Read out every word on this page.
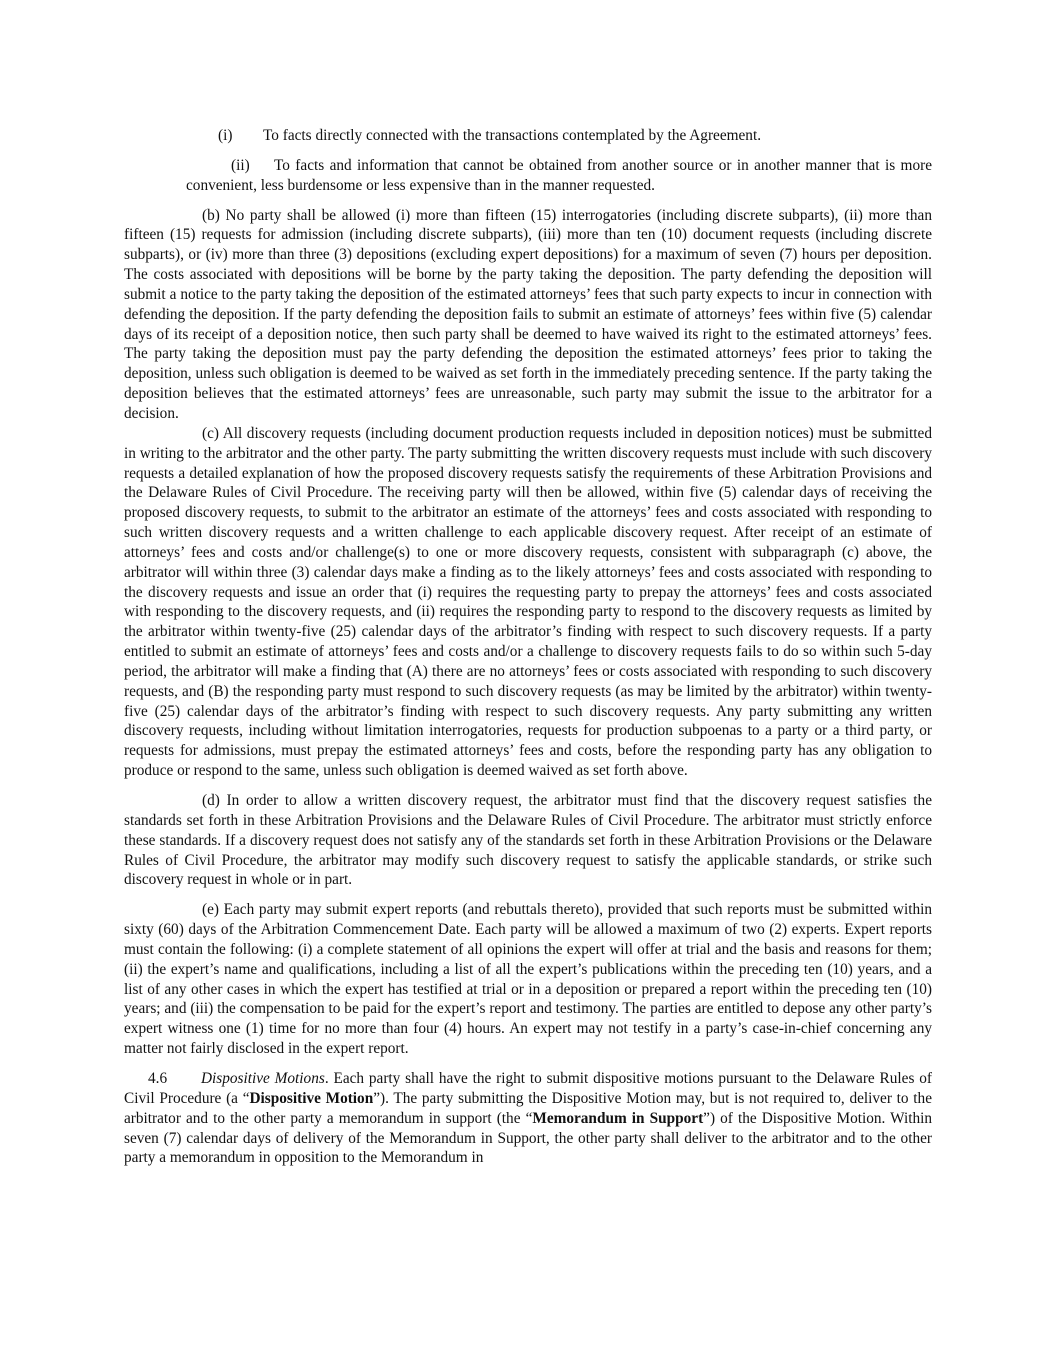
(i) To facts directly connected with the transactions contemplated by the Agreement.

(ii) To facts and information that cannot be obtained from another source or in another manner that is more convenient, less burdensome or less expensive than in the manner requested.

(b) No party shall be allowed (i) more than fifteen (15) interrogatories (including discrete subparts), (ii) more than fifteen (15) requests for admission (including discrete subparts), (iii) more than ten (10) document requests (including discrete subparts), or (iv) more than three (3) depositions (excluding expert depositions) for a maximum of seven (7) hours per deposition. The costs associated with depositions will be borne by the party taking the deposition. The party defending the deposition will submit a notice to the party taking the deposition of the estimated attorneys’ fees that such party expects to incur in connection with defending the deposition. If the party defending the deposition fails to submit an estimate of attorneys’ fees within five (5) calendar days of its receipt of a deposition notice, then such party shall be deemed to have waived its right to the estimated attorneys’ fees. The party taking the deposition must pay the party defending the deposition the estimated attorneys’ fees prior to taking the deposition, unless such obligation is deemed to be waived as set forth in the immediately preceding sentence. If the party taking the deposition believes that the estimated attorneys’ fees are unreasonable, such party may submit the issue to the arbitrator for a decision.

(c) All discovery requests (including document production requests included in deposition notices) must be submitted in writing to the arbitrator and the other party. The party submitting the written discovery requests must include with such discovery requests a detailed explanation of how the proposed discovery requests satisfy the requirements of these Arbitration Provisions and the Delaware Rules of Civil Procedure. The receiving party will then be allowed, within five (5) calendar days of receiving the proposed discovery requests, to submit to the arbitrator an estimate of the attorneys’ fees and costs associated with responding to such written discovery requests and a written challenge to each applicable discovery request. After receipt of an estimate of attorneys’ fees and costs and/or challenge(s) to one or more discovery requests, consistent with subparagraph (c) above, the arbitrator will within three (3) calendar days make a finding as to the likely attorneys’ fees and costs associated with responding to the discovery requests and issue an order that (i) requires the requesting party to prepay the attorneys’ fees and costs associated with responding to the discovery requests, and (ii) requires the responding party to respond to the discovery requests as limited by the arbitrator within twenty-five (25) calendar days of the arbitrator’s finding with respect to such discovery requests. If a party entitled to submit an estimate of attorneys’ fees and costs and/or a challenge to discovery requests fails to do so within such 5-day period, the arbitrator will make a finding that (A) there are no attorneys’ fees or costs associated with responding to such discovery requests, and (B) the responding party must respond to such discovery requests (as may be limited by the arbitrator) within twenty-five (25) calendar days of the arbitrator’s finding with respect to such discovery requests. Any party submitting any written discovery requests, including without limitation interrogatories, requests for production subpoenas to a party or a third party, or requests for admissions, must prepay the estimated attorneys’ fees and costs, before the responding party has any obligation to produce or respond to the same, unless such obligation is deemed waived as set forth above.

(d) In order to allow a written discovery request, the arbitrator must find that the discovery request satisfies the standards set forth in these Arbitration Provisions and the Delaware Rules of Civil Procedure. The arbitrator must strictly enforce these standards. If a discovery request does not satisfy any of the standards set forth in these Arbitration Provisions or the Delaware Rules of Civil Procedure, the arbitrator may modify such discovery request to satisfy the applicable standards, or strike such discovery request in whole or in part.

(e) Each party may submit expert reports (and rebuttals thereto), provided that such reports must be submitted within sixty (60) days of the Arbitration Commencement Date. Each party will be allowed a maximum of two (2) experts. Expert reports must contain the following: (i) a complete statement of all opinions the expert will offer at trial and the basis and reasons for them; (ii) the expert’s name and qualifications, including a list of all the expert’s publications within the preceding ten (10) years, and a list of any other cases in which the expert has testified at trial or in a deposition or prepared a report within the preceding ten (10) years; and (iii) the compensation to be paid for the expert’s report and testimony. The parties are entitled to depose any other party’s expert witness one (1) time for no more than four (4) hours. An expert may not testify in a party’s case-in-chief concerning any matter not fairly disclosed in the expert report.

4.6 Dispositive Motions. Each party shall have the right to submit dispositive motions pursuant to the Delaware Rules of Civil Procedure (a “Dispositive Motion”). The party submitting the Dispositive Motion may, but is not required to, deliver to the arbitrator and to the other party a memorandum in support (the “Memorandum in Support”) of the Dispositive Motion. Within seven (7) calendar days of delivery of the Memorandum in Support, the other party shall deliver to the arbitrator and to the other party a memorandum in opposition to the Memorandum in
